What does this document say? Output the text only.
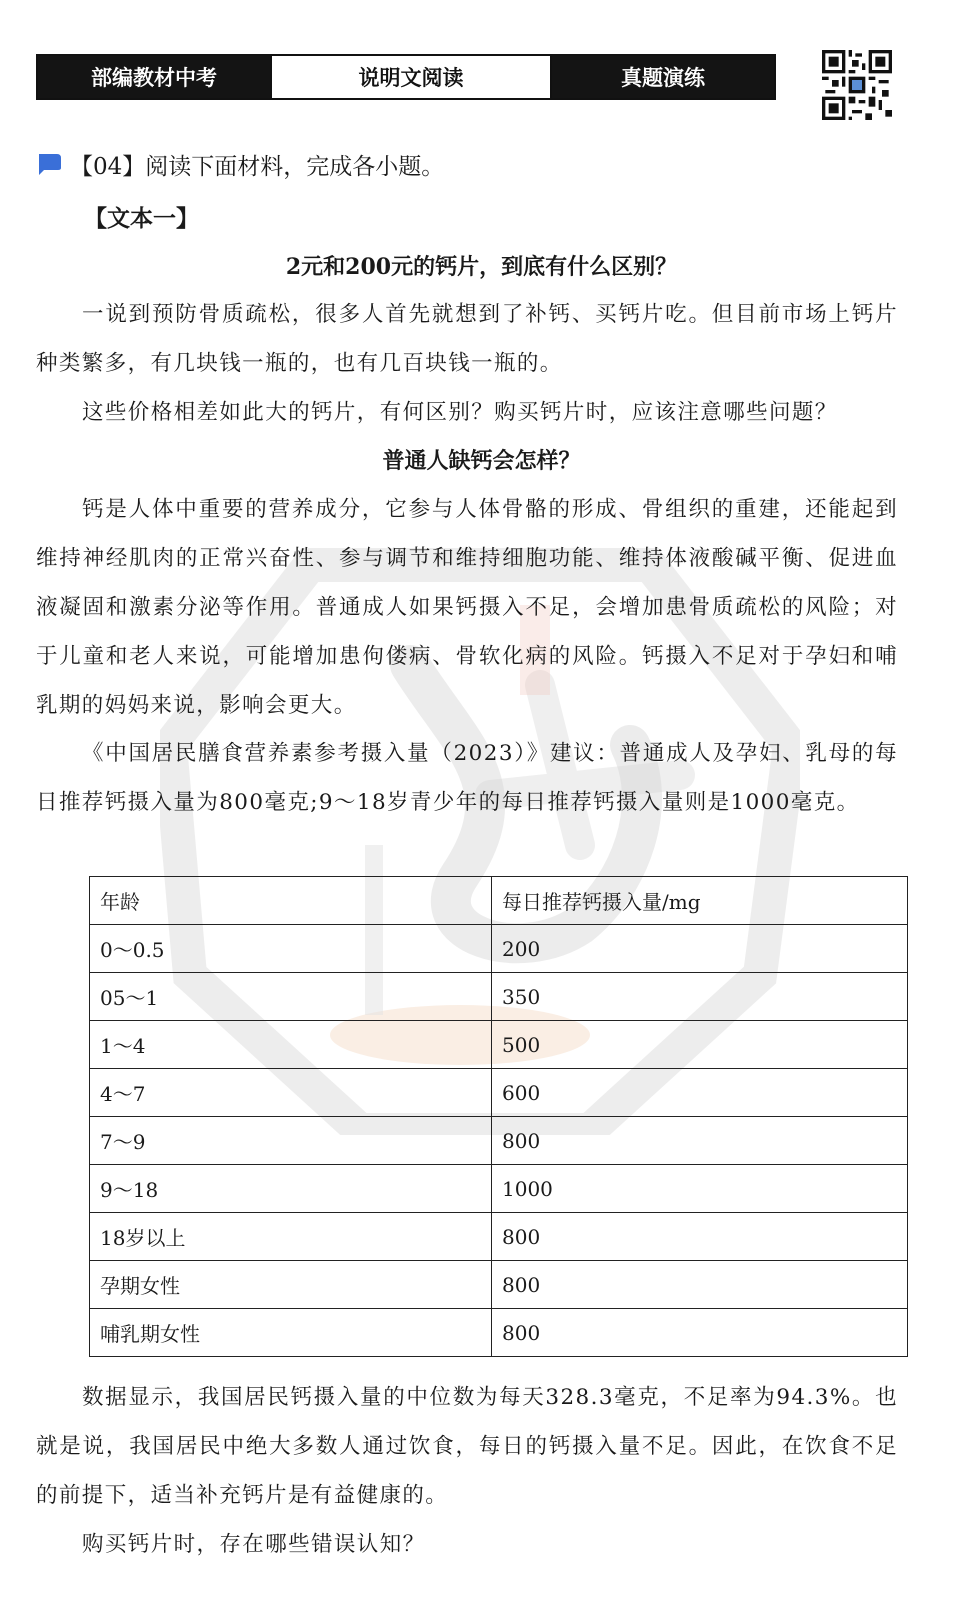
部编教材中考	说明文阅读	真题演练
【04】阅读下面材料，完成各小题。
【文本一】
2元和200元的钙片，到底有什么区别？
一说到预防骨质疏松，很多人首先就想到了补钙、买钙片吃。但目前市场上钙片种类繁多，有几块钱一瓶的，也有几百块钱一瓶的。
这些价格相差如此大的钙片，有何区别？购买钙片时，应该注意哪些问题？
普通人缺钙会怎样？
钙是人体中重要的营养成分，它参与人体骨骼的形成、骨组织的重建，还能起到维持神经肌肉的正常兴奋性、参与调节和维持细胞功能、维持体液酸碱平衡、促进血液凝固和激素分泌等作用。普通成人如果钙摄入不足，会增加患骨质疏松的风险；对于儿童和老人来说，可能增加患佝偻病、骨软化病的风险。钙摄入不足对于孕妇和哺乳期的妈妈来说，影响会更大。
《中国居民膳食营养素参考摄入量（2023）》建议：普通成人及孕妇、乳母的每日推荐钙摄入量为800毫克;9～18岁青少年的每日推荐钙摄入量则是1000毫克。
年龄	每日推荐钙摄入量/mg
0～0.5	200
05～1	350
1～4	500
4～7	600
7～9	800
9～18	1000
18岁以上	800
孕期女性	800
哺乳期女性	800
数据显示，我国居民钙摄入量的中位数为每天328.3毫克，不足率为94.3%。也就是说，我国居民中绝大多数人通过饮食，每日的钙摄入量不足。因此，在饮食不足的前提下，适当补充钙片是有益健康的。
购买钙片时，存在哪些错误认知？
